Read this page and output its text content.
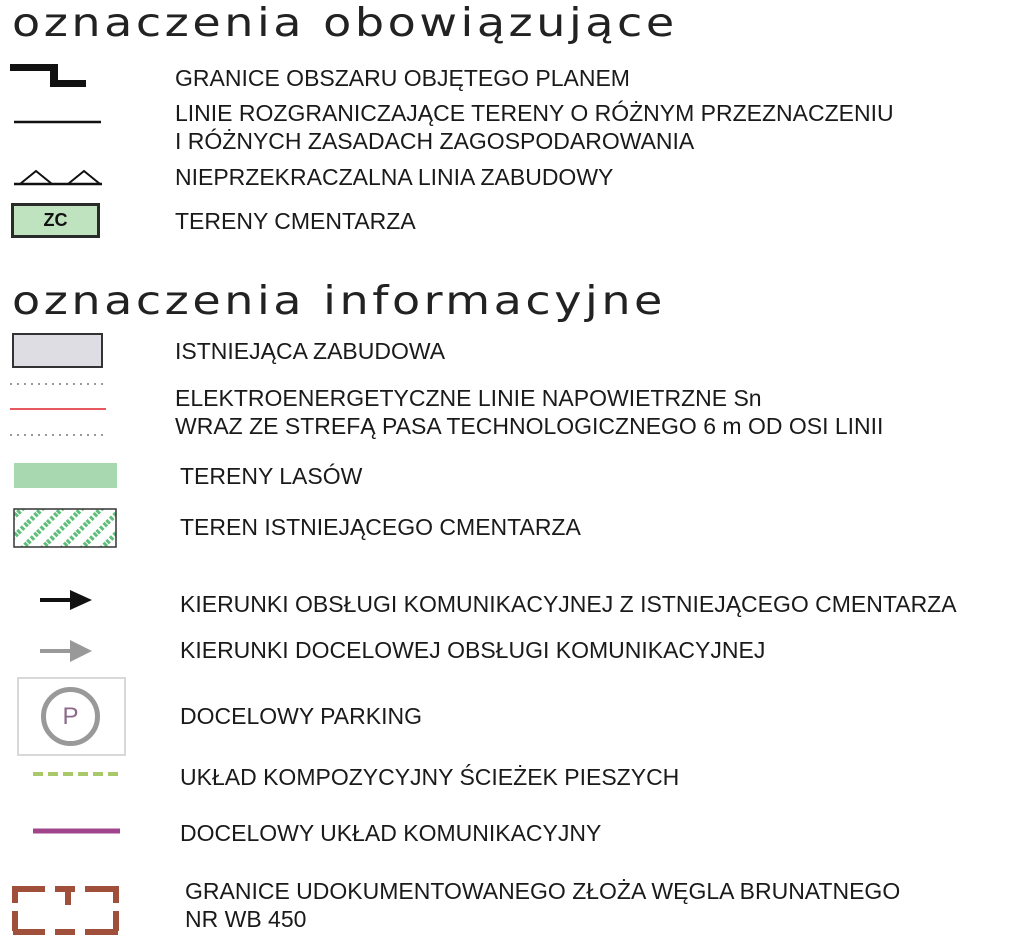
oznaczenia obowiązujące
GRANICE OBSZARU OBJĘTEGO PLANEM
LINIE ROZGRANICZAJĄCE TERENY O RÓŻNYM PRZEZNACZENIU
I RÓŻNYCH ZASADACH ZAGOSPODAROWANIA
NIEPRZEKRACZALNA LINIA ZABUDOWY
ZC	TERENY CMENTARZA
oznaczenia informacyjne
ISTNIEJĄCA ZABUDOWA
ELEKTROENERGETYCZNE LINIE NAPOWIETRZNE Sn
WRAZ ZE STREFĄ PASA TECHNOLOGICZNEGO 6 m OD OSI LINII
TERENY LASÓW
TEREN ISTNIEJĄCEGO CMENTARZA
KIERUNKI OBSŁUGI KOMUNIKACYJNEJ Z ISTNIEJĄCEGO CMENTARZA
KIERUNKI DOCELOWEJ OBSŁUGI KOMUNIKACYJNEJ
P	DOCELOWY PARKING
UKŁAD KOMPOZYCYJNY ŚCIEŻEK PIESZYCH
DOCELOWY UKŁAD KOMUNIKACYJNY
GRANICE UDOKUMENTOWANEGO ZŁOŻA WĘGLA BRUNATNEGO
NR WB 450
